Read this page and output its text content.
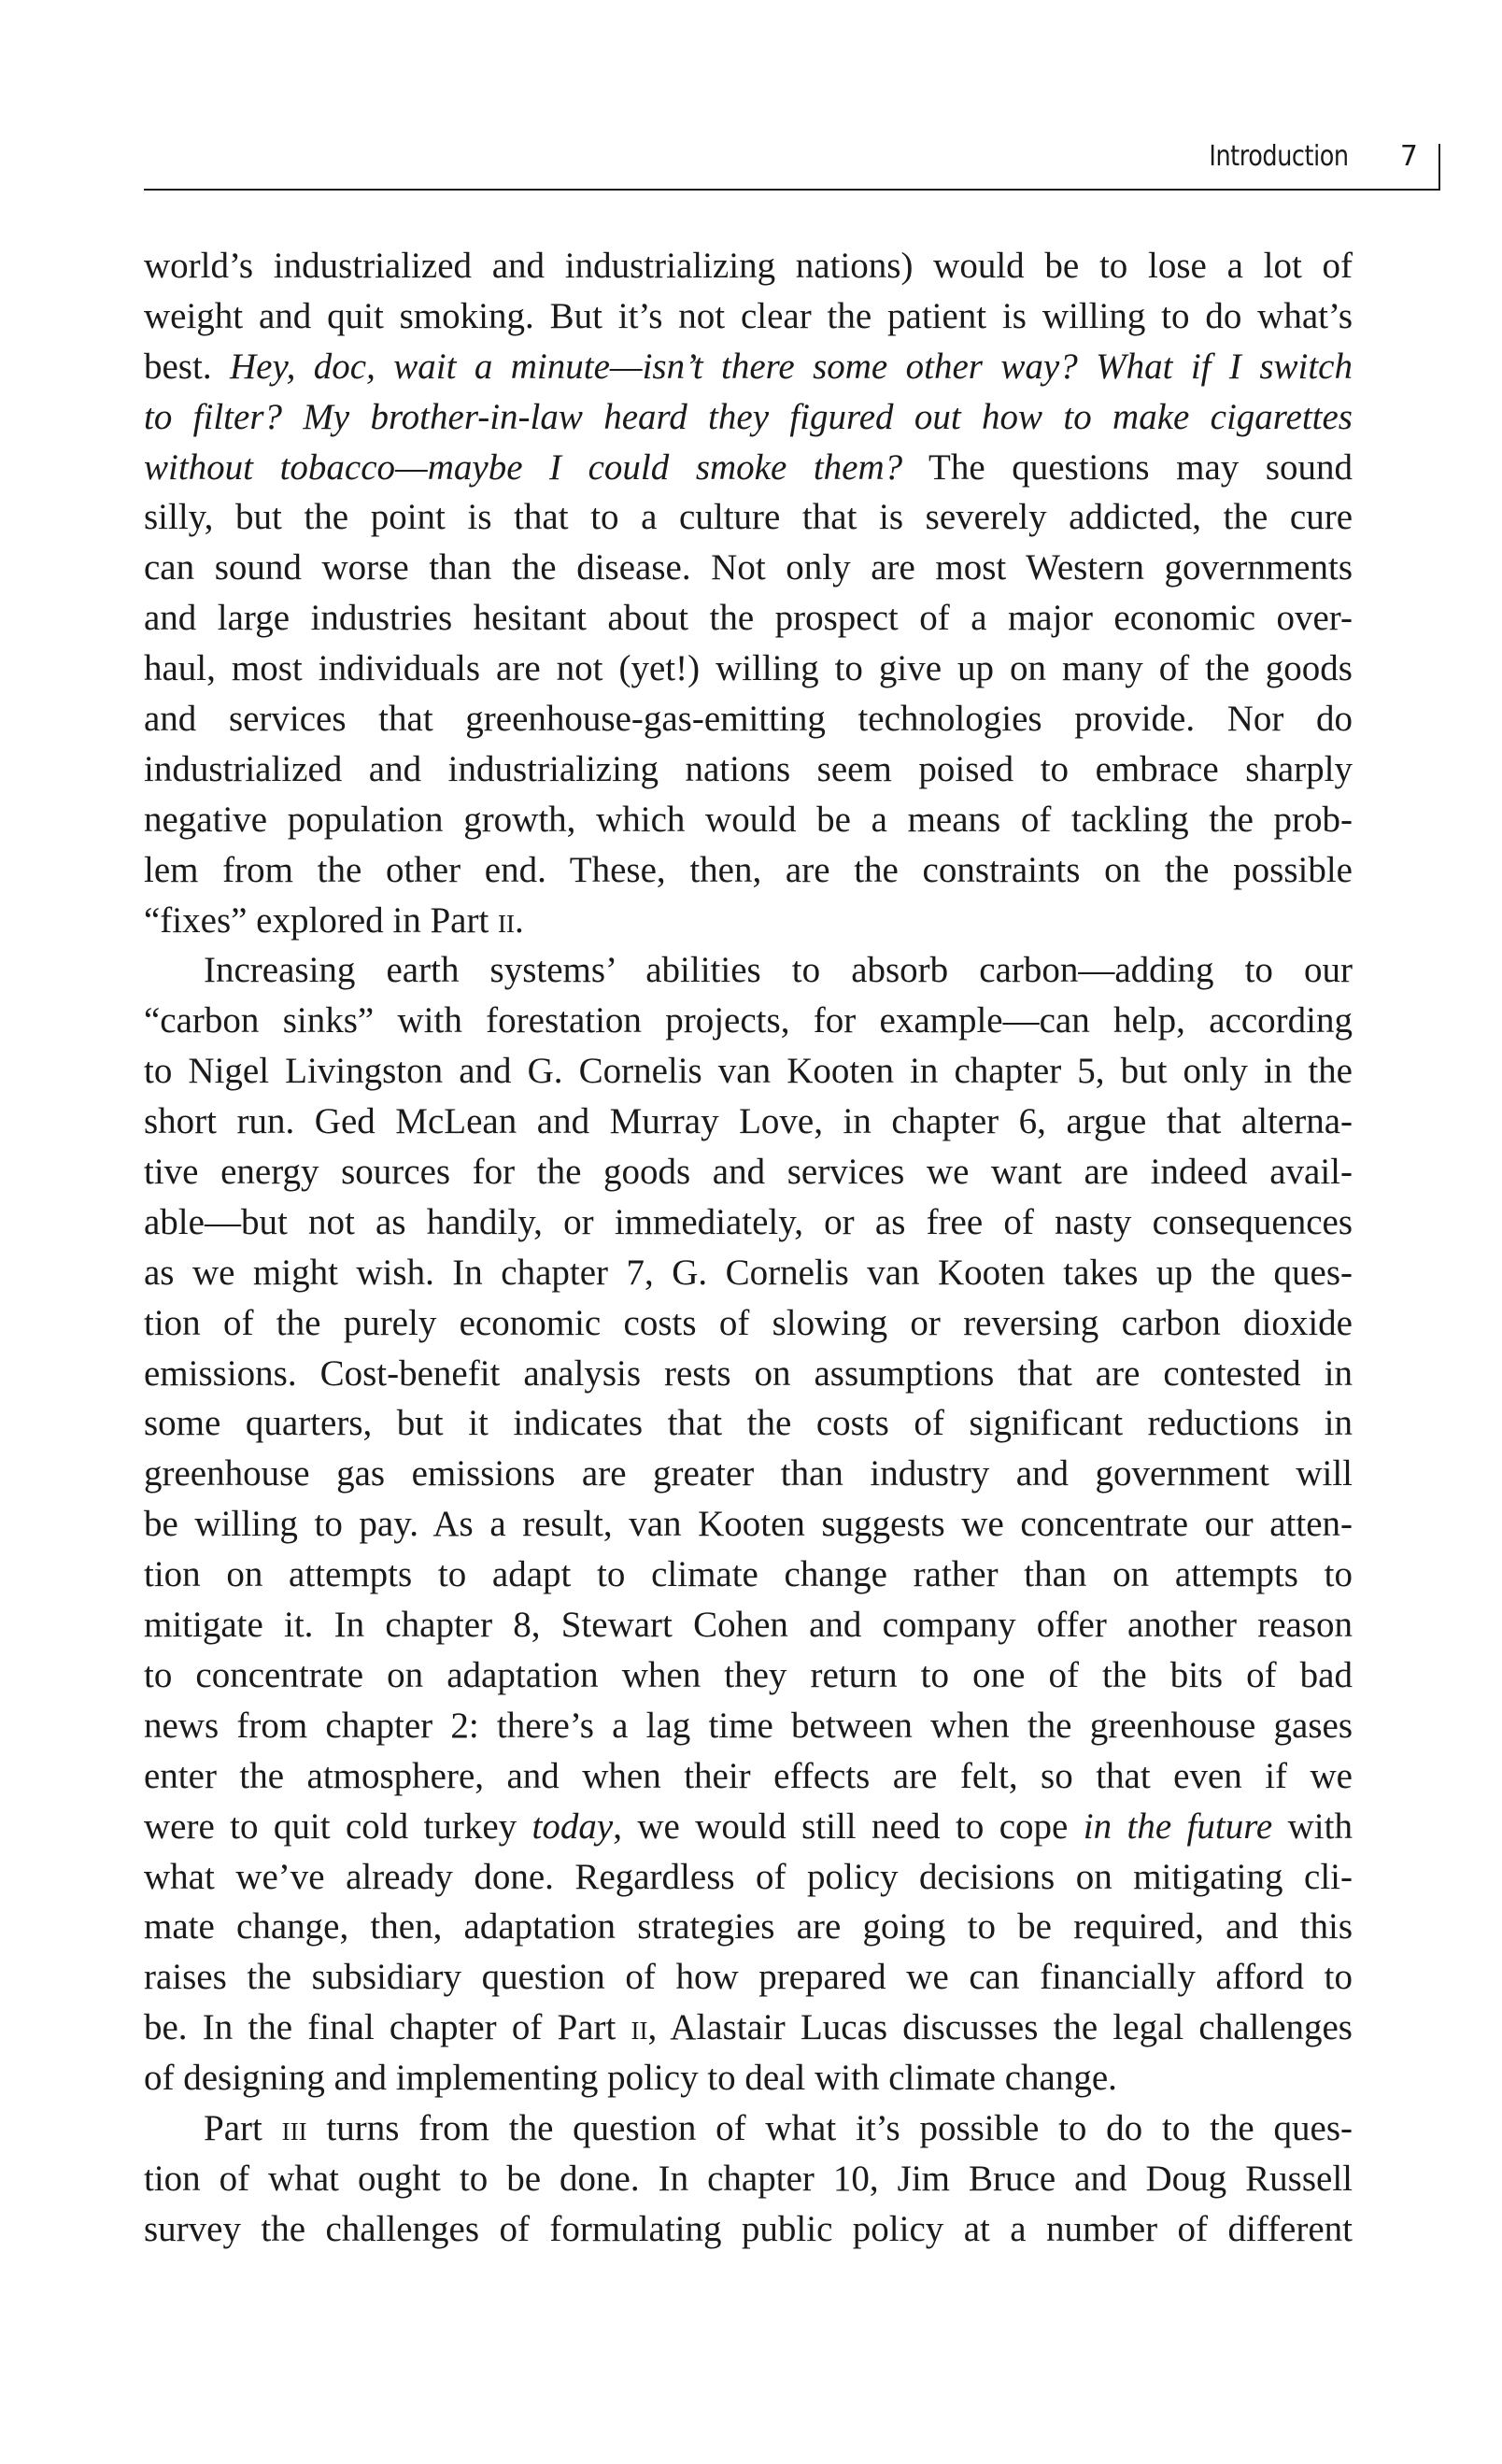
Introduction 7
world’s industrialized and industrializing nations) would be to lose a lot of
weight and quit smoking. But it’s not clear the patient is willing to do what’s
best. Hey, doc, wait a minute—isn’t there some other way? What if I switch
to filter? My brother-in-law heard they figured out how to make cigarettes
without tobacco—maybe I could smoke them? The questions may sound
silly, but the point is that to a culture that is severely addicted, the cure
can sound worse than the disease. Not only are most Western governments
and large industries hesitant about the prospect of a major economic over-
haul, most individuals are not (yet!) willing to give up on many of the goods
and services that greenhouse-gas-emitting technologies provide. Nor do
industrialized and industrializing nations seem poised to embrace sharply
negative population growth, which would be a means of tackling the prob-
lem from the other end. These, then, are the constraints on the possible
“fixes” explored in Part ii.
Increasing earth systems’ abilities to absorb carbon—adding to our
“carbon sinks” with forestation projects, for example—can help, according
to Nigel Livingston and G. Cornelis van Kooten in chapter 5, but only in the
short run. Ged McLean and Murray Love, in chapter 6, argue that alterna-
tive energy sources for the goods and services we want are indeed avail-
able—but not as handily, or immediately, or as free of nasty consequences
as we might wish. In chapter 7, G. Cornelis van Kooten takes up the ques-
tion of the purely economic costs of slowing or reversing carbon dioxide
emissions. Cost-benefit analysis rests on assumptions that are contested in
some quarters, but it indicates that the costs of significant reductions in
greenhouse gas emissions are greater than industry and government will
be willing to pay. As a result, van Kooten suggests we concentrate our atten-
tion on attempts to adapt to climate change rather than on attempts to
mitigate it. In chapter 8, Stewart Cohen and company offer another reason
to concentrate on adaptation when they return to one of the bits of bad
news from chapter 2: there’s a lag time between when the greenhouse gases
enter the atmosphere, and when their effects are felt, so that even if we
were to quit cold turkey today, we would still need to cope in the future with
what we’ve already done. Regardless of policy decisions on mitigating cli-
mate change, then, adaptation strategies are going to be required, and this
raises the subsidiary question of how prepared we can financially afford to
be. In the final chapter of Part ii, Alastair Lucas discusses the legal challenges
of designing and implementing policy to deal with climate change.
Part iii turns from the question of what it’s possible to do to the ques-
tion of what ought to be done. In chapter 10, Jim Bruce and Doug Russell
survey the challenges of formulating public policy at a number of different
